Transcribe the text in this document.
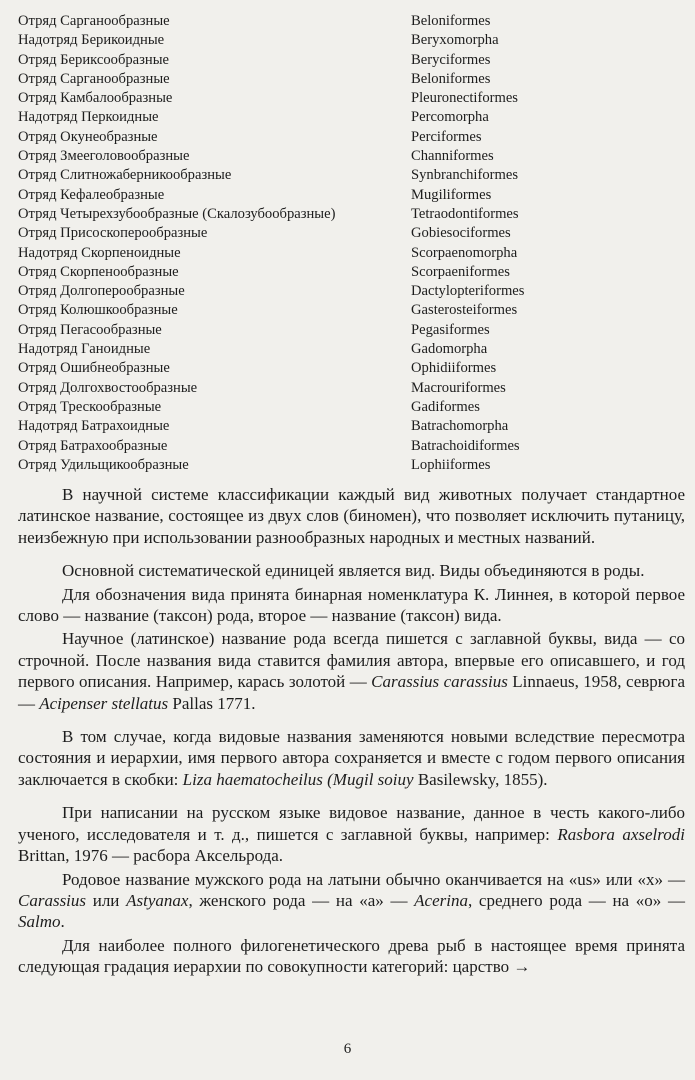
Отряд Сарганообразные	Beloniformes
Надотряд Берикоидные	Beryxomorpha
Отряд Бериксообразные	Beryciformes
Отряд Сарганообразные	Beloniformes
Отряд Камбалообразные	Pleuronectiformes
Надотряд Перкоидные	Percomorpha
Отряд Окунеобразные	Perciformes
Отряд Змееголовообразные	Channiformes
Отряд Слитножаберникообразные	Synbranchiformes
Отряд Кефалеобразные	Mugiliformes
Отряд Четырехзубообразные (Скалозубообразные)	Tetraodontiformes
Отряд Присоскоперообразные	Gobiesociformes
Надотряд Скорпеноидные	Scorpaenomorpha
Отряд Скорпенообразные	Scorpaeniformes
Отряд Долгоперообразные	Dactylopteriformes
Отряд Колюшкообразные	Gasterosteiformes
Отряд Пегасообразные	Pegasiformes
Надотряд Ганоидные	Gadomorpha
Отряд Ошибнеобразные	Ophidiiformes
Отряд Долгохвостообразные	Macrouriformes
Отряд Трескообразные	Gadiformes
Надотряд Батрахоидные	Batrachomorpha
Отряд Батрахообразные	Batrachoidiformes
Отряд Удильщикообразные	Lophiiformes

В научной системе классификации каждый вид животных получает стандартное латинское название, состоящее из двух слов (биномен), что позволяет исключить путаницу, неизбежную при использовании разнообразных народных и местных названий.

Основной систематической единицей является вид. Виды объединяются в роды.

Для обозначения вида принята бинарная номенклатура К. Линнея, в которой первое слово — название (таксон) рода, второе — название (таксон) вида.

Научное (латинское) название рода всегда пишется с заглавной буквы, вида — со строчной. После названия вида ставится фамилия автора, впервые его описавшего, и год первого описания. Например, карась золотой — Carassius carassius Linnaeus, 1958, севрюга — Acipenser stellatus Pallas 1771.

В том случае, когда видовые названия заменяются новыми вследствие пересмотра состояния и иерархии, имя первого автора сохраняется и вместе с годом первого описания заключается в скобки: Liza haematocheilus (Mugil soiuy Basilewsky, 1855).

При написании на русском языке видовое название, данное в честь какого-либо ученого, исследователя и т. д., пишется с заглавной буквы, например: Rasbora axselrodi Brittan, 1976 — расбора Аксельрода.

Родовое название мужского рода на латыни обычно оканчивается на «us» или «x» — Carassius или Astyanax, женского рода — на «a» — Acerina, среднего рода — на «o» — Salmo.

Для наиболее полного филогенетического древа рыб в настоящее время принята следующая градация иерархии по совокупности категорий: царство →

6
